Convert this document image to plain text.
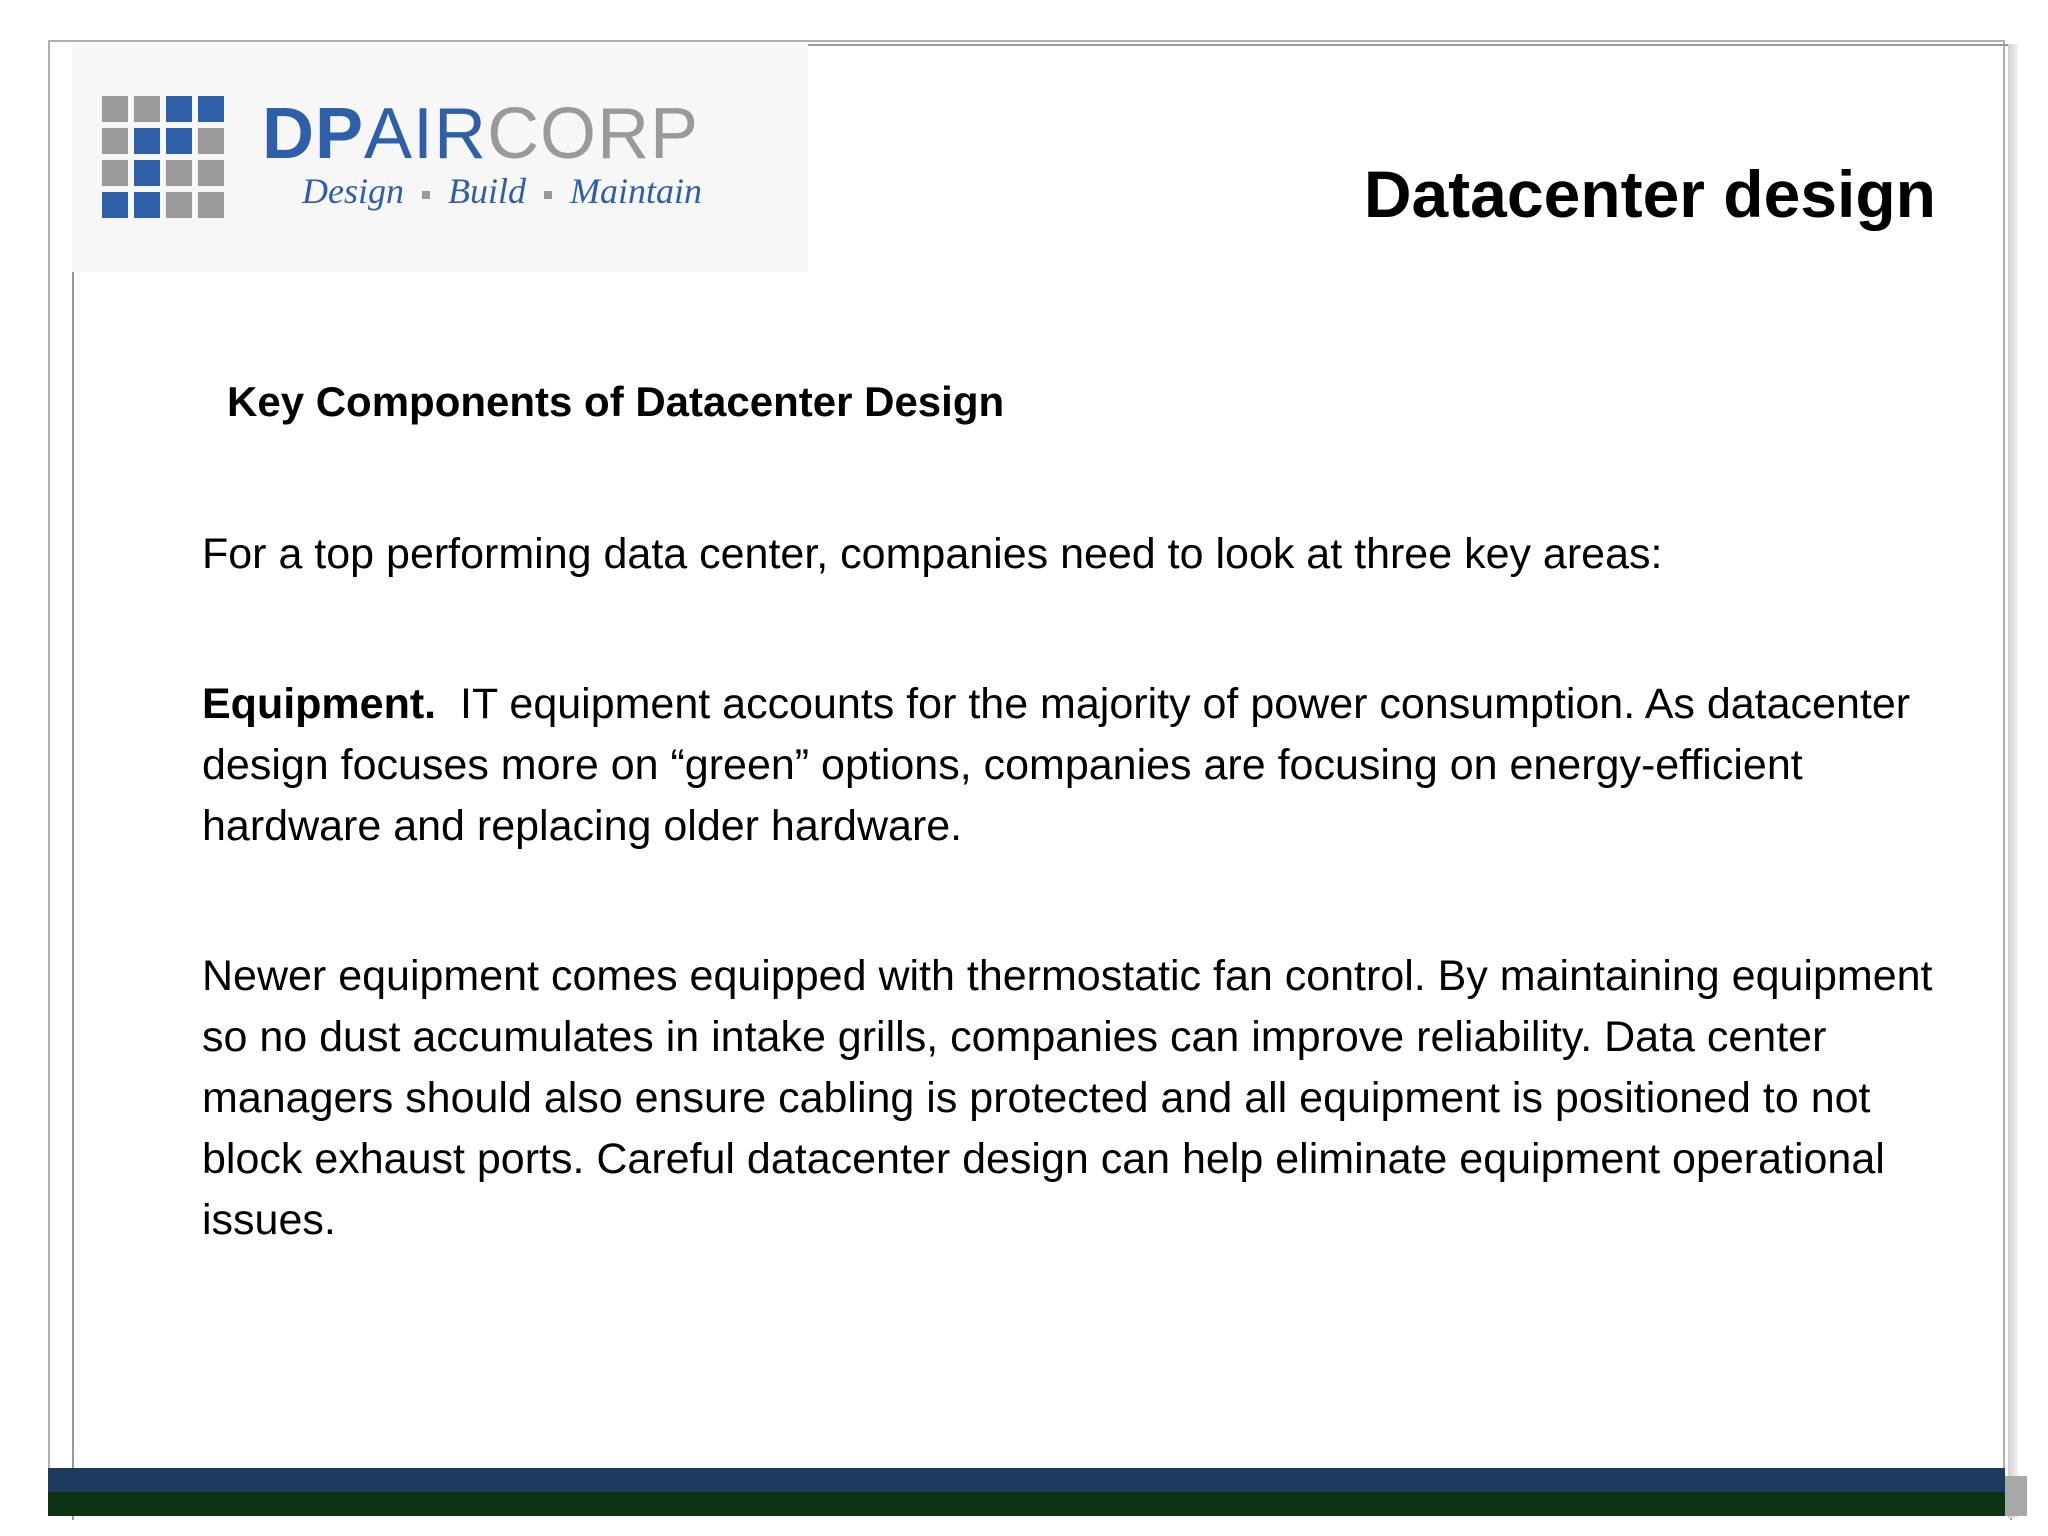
DPAIRCORP
Design Build Maintain	Datacenter design
Key Components of Datacenter Design
For a top performing data center, companies need to look at three key areas:
Equipment. IT equipment accounts for the majority of power consumption. As datacenter design focuses more on “green” options, companies are focusing on energy-efficient hardware and replacing older hardware.
Newer equipment comes equipped with thermostatic fan control. By maintaining equipment so no dust accumulates in intake grills, companies can improve reliability. Data center managers should also ensure cabling is protected and all equipment is positioned to not block exhaust ports. Careful datacenter design can help eliminate equipment operational issues.
